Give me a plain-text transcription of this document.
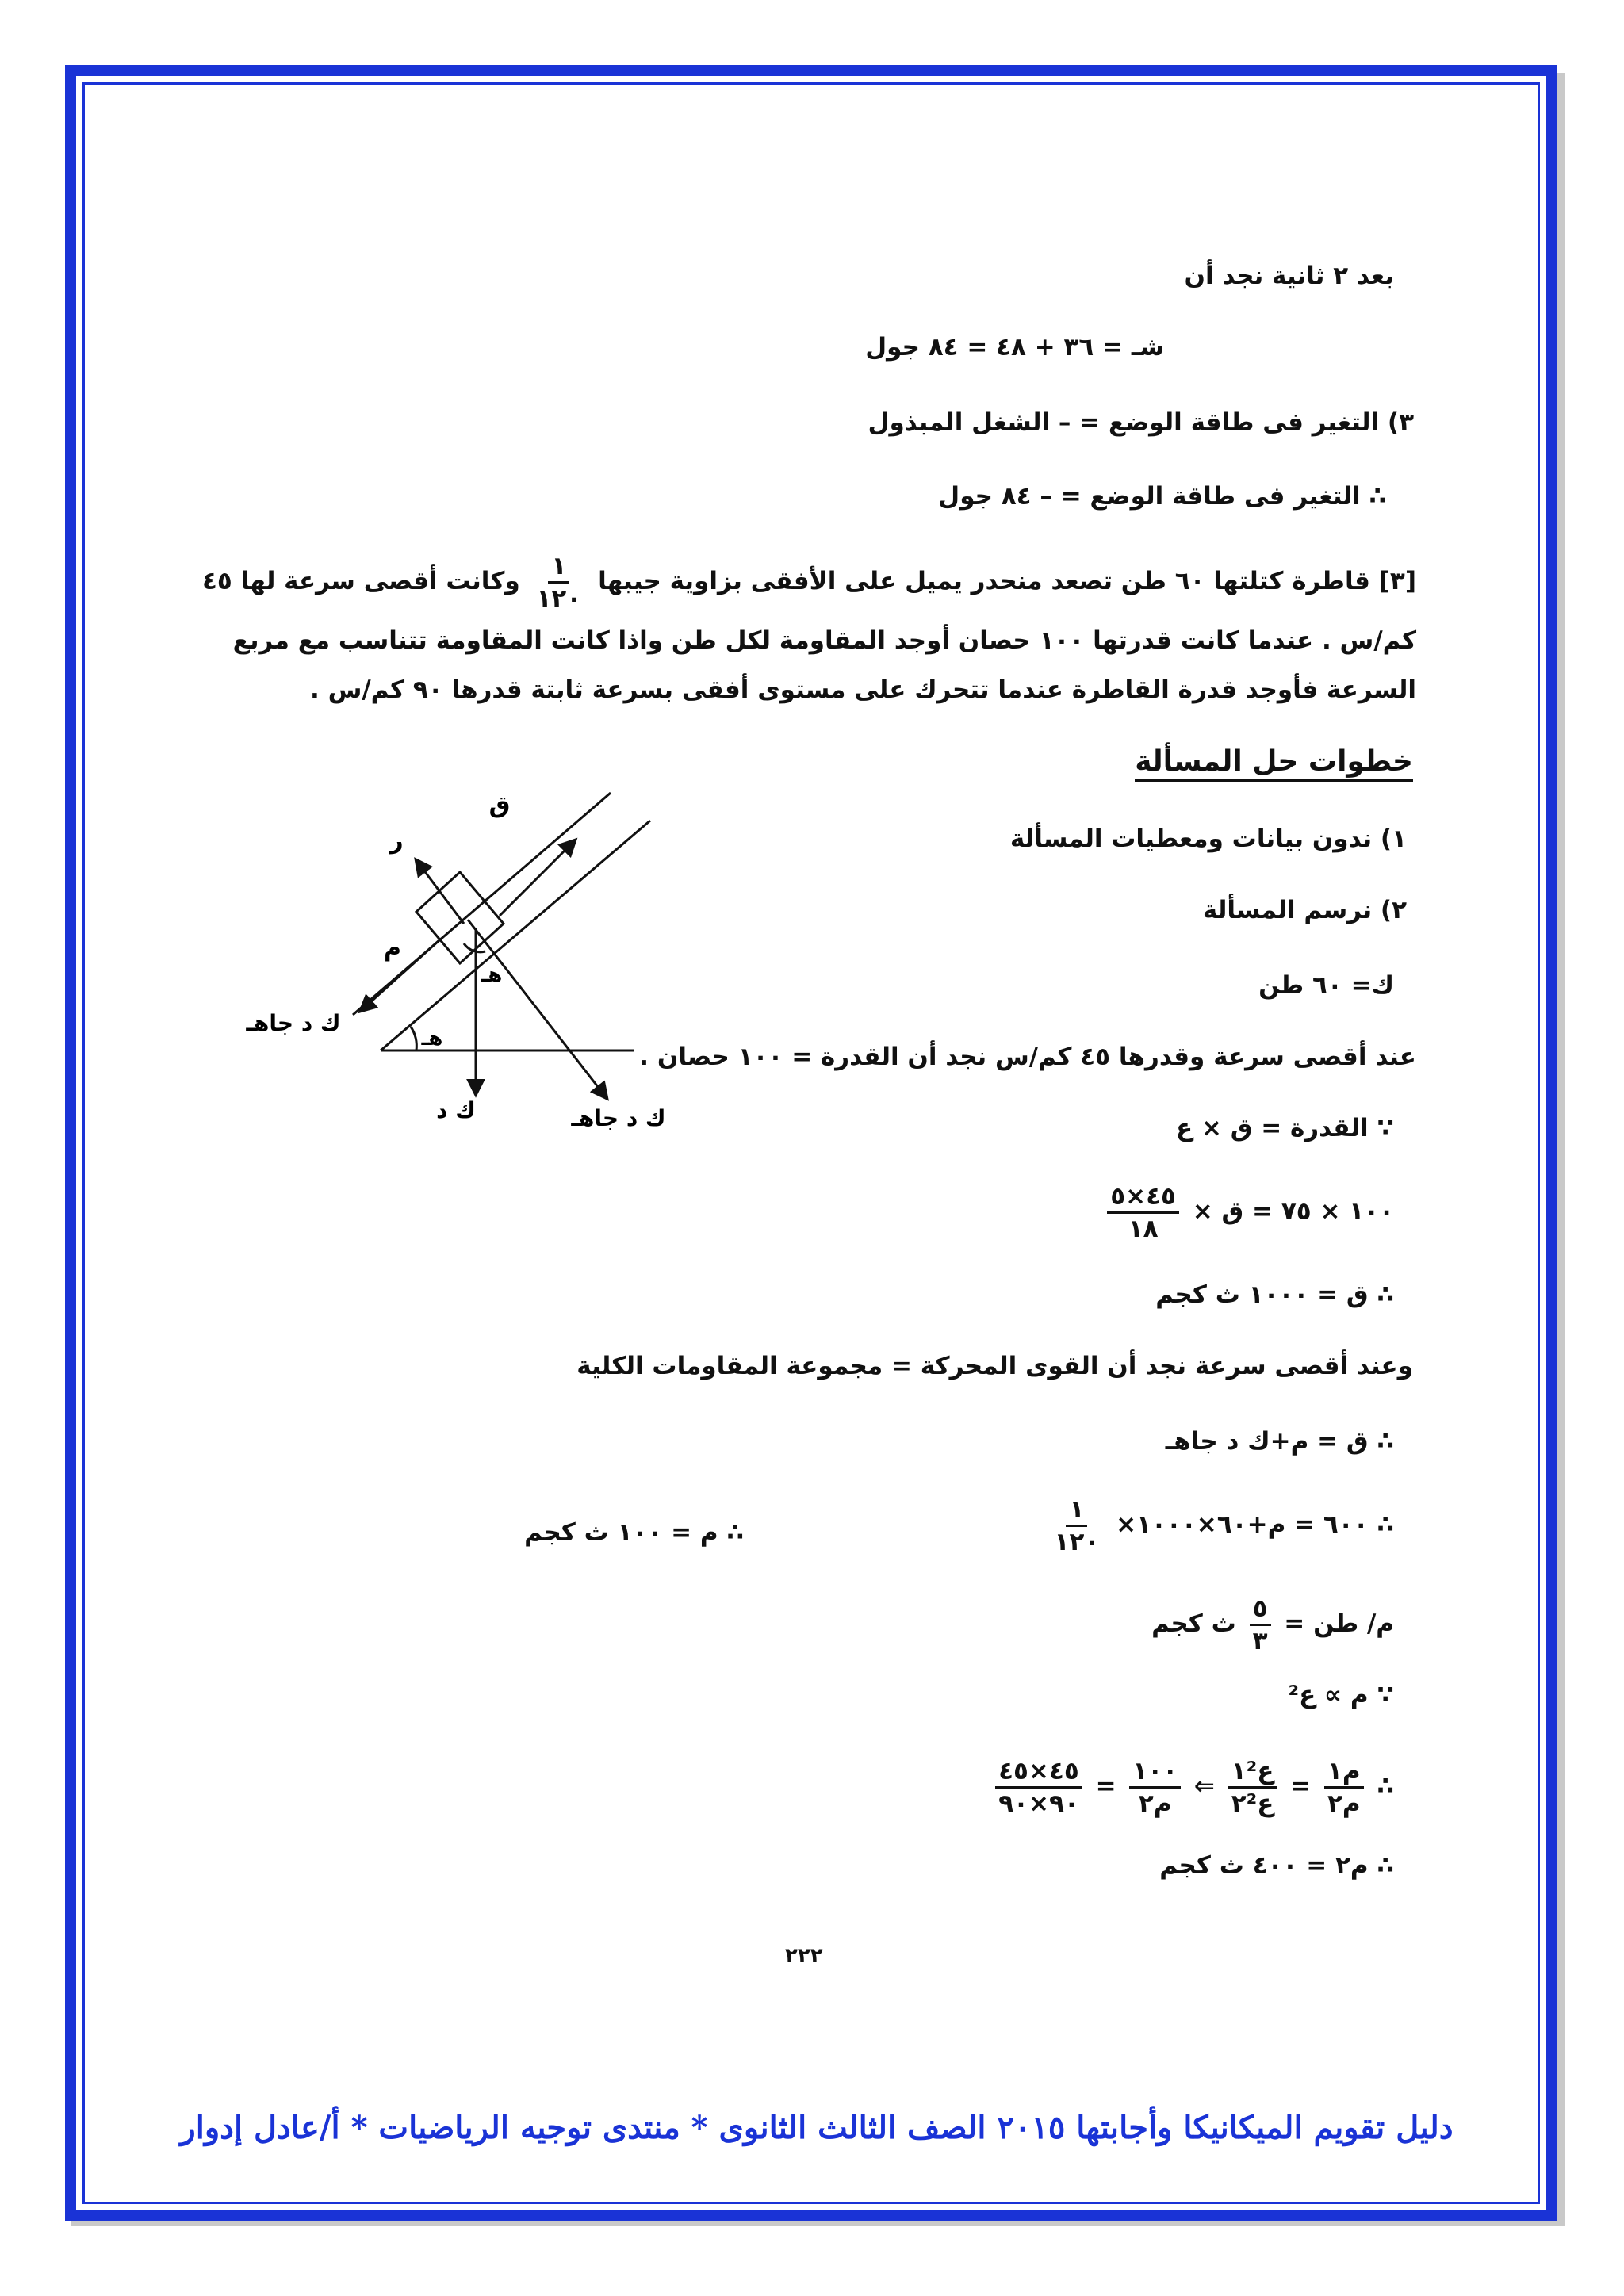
بعد ٢ ثانية نجد أن
شـ = ٣٦ + ٤٨ = ٨٤ جول
٣) التغير فى طاقة الوضع = – الشغل المبذول
∴ التغير فى طاقة الوضع = – ٨٤ جول
[٣] قاطرة كتلتها ٦٠ طن تصعد منحدر يميل على الأفقى بزاوية جيبها
$\frac{١}{١٢٠}$
وكانت أقصى سرعة لها ٤٥
كم/س . عندما كانت قدرتها ١٠٠ حصان أوجد المقاومة لكل طن واذا كانت المقاومة تتناسب مع مربع
السرعة فأوجد قدرة القاطرة عندما تتحرك على مستوى أفقى بسرعة ثابتة قدرها ٩٠ كم/س .
خطوات حل المسألة
١) ندون بيانات ومعطيات المسألة
٢) نرسم المسألة
ك= ٦٠ طن
عند أقصى سرعة وقدرها ٤٥ كم/س نجد أن القدرة = ١٠٠ حصان .
∵ القدرة = ق × ع
١٠٠ × ٧٥ = ق ×
$\frac{٤٥\times ٥}{١٨}$
∴ ق = ١٠٠٠ ث كجم
وعند أقصى سرعة نجد أن القوى المحركة = مجموعة المقاومات الكلية
∴ ق = م+ك د جاهـ
∴ ٦٠٠ = م+٦٠×١٠٠٠×
$\frac{١}{١٢٠}$
∴ م = ١٠٠ ث كجم
م/ طن =
$\frac{٥}{٣}$
ث كجم
∵ م ∝ ع²
$\frac{٤٥\times ٤٥}{٩٠\times ٩٠} = \frac{١٠٠}{\text{م٢}}$ ⇐ $\frac{\text{ع١²}}{\text{ع٢²}} = \frac{\text{م١}}{\text{م٢}}$ ∴
∴ م٢ = ٤٠٠ ث كجم
ق
ر
م
هـ
هـ
ك د جاهـ
ك د	ك د جاهـ
٢٢٢
دليل تقويم الميكانيكا وأجابتها ٢٠١٥ الصف الثالث الثانوى * منتدى توجيه الرياضيات * أ/عادل إدوار
